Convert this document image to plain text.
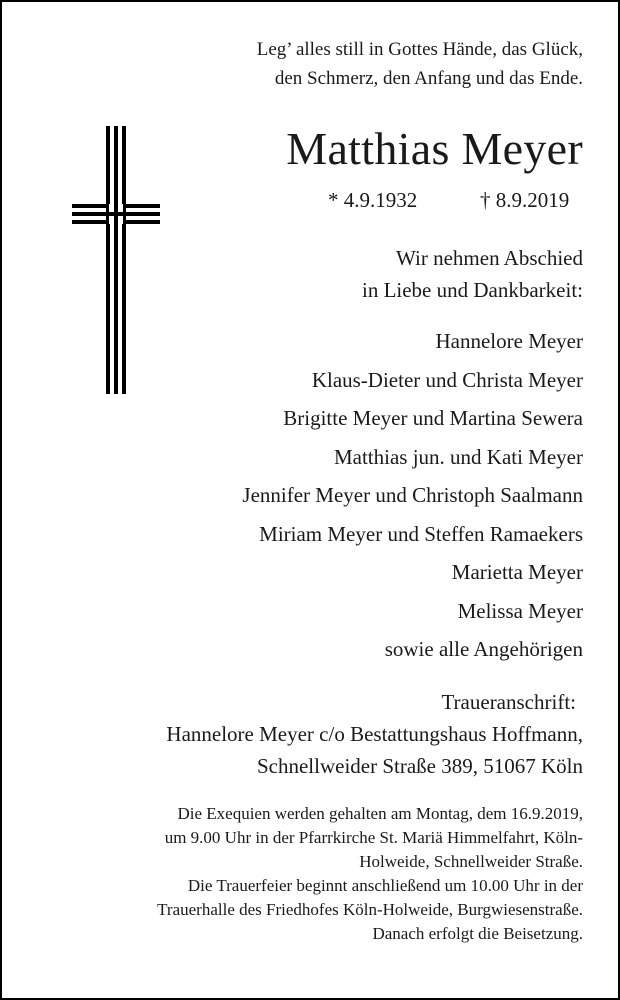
Leg’ alles still in Gottes Hände, das Glück,

den Schmerz, den Anfang und das Ende.

Matthias Meyer
* 4.9.1932	† 8.9.2019

Wir nehmen Abschied

in Liebe und Dankbarkeit:

Hannelore Meyer

Klaus-Dieter und Christa Meyer

Brigitte Meyer und Martina Sewera

Matthias jun. und Kati Meyer

Jennifer Meyer und Christoph Saalmann

Miriam Meyer und Steffen Ramaekers

Marietta Meyer

Melissa Meyer

sowie alle Angehörigen

Traueranschrift:

Hannelore Meyer c/o Bestattungshaus Hoffmann,

Schnellweider Straße 389, 51067 Köln

Die Exequien werden gehalten am Montag, dem 16.9.2019,

um 9.00 Uhr in der Pfarrkirche St. Mariä Himmelfahrt, Köln-

Holweide, Schnellweider Straße.

Die Trauerfeier beginnt anschließend um 10.00 Uhr in der

Trauerhalle des Friedhofes Köln-Holweide, Burgwiesenstraße.

Danach erfolgt die Beisetzung.
